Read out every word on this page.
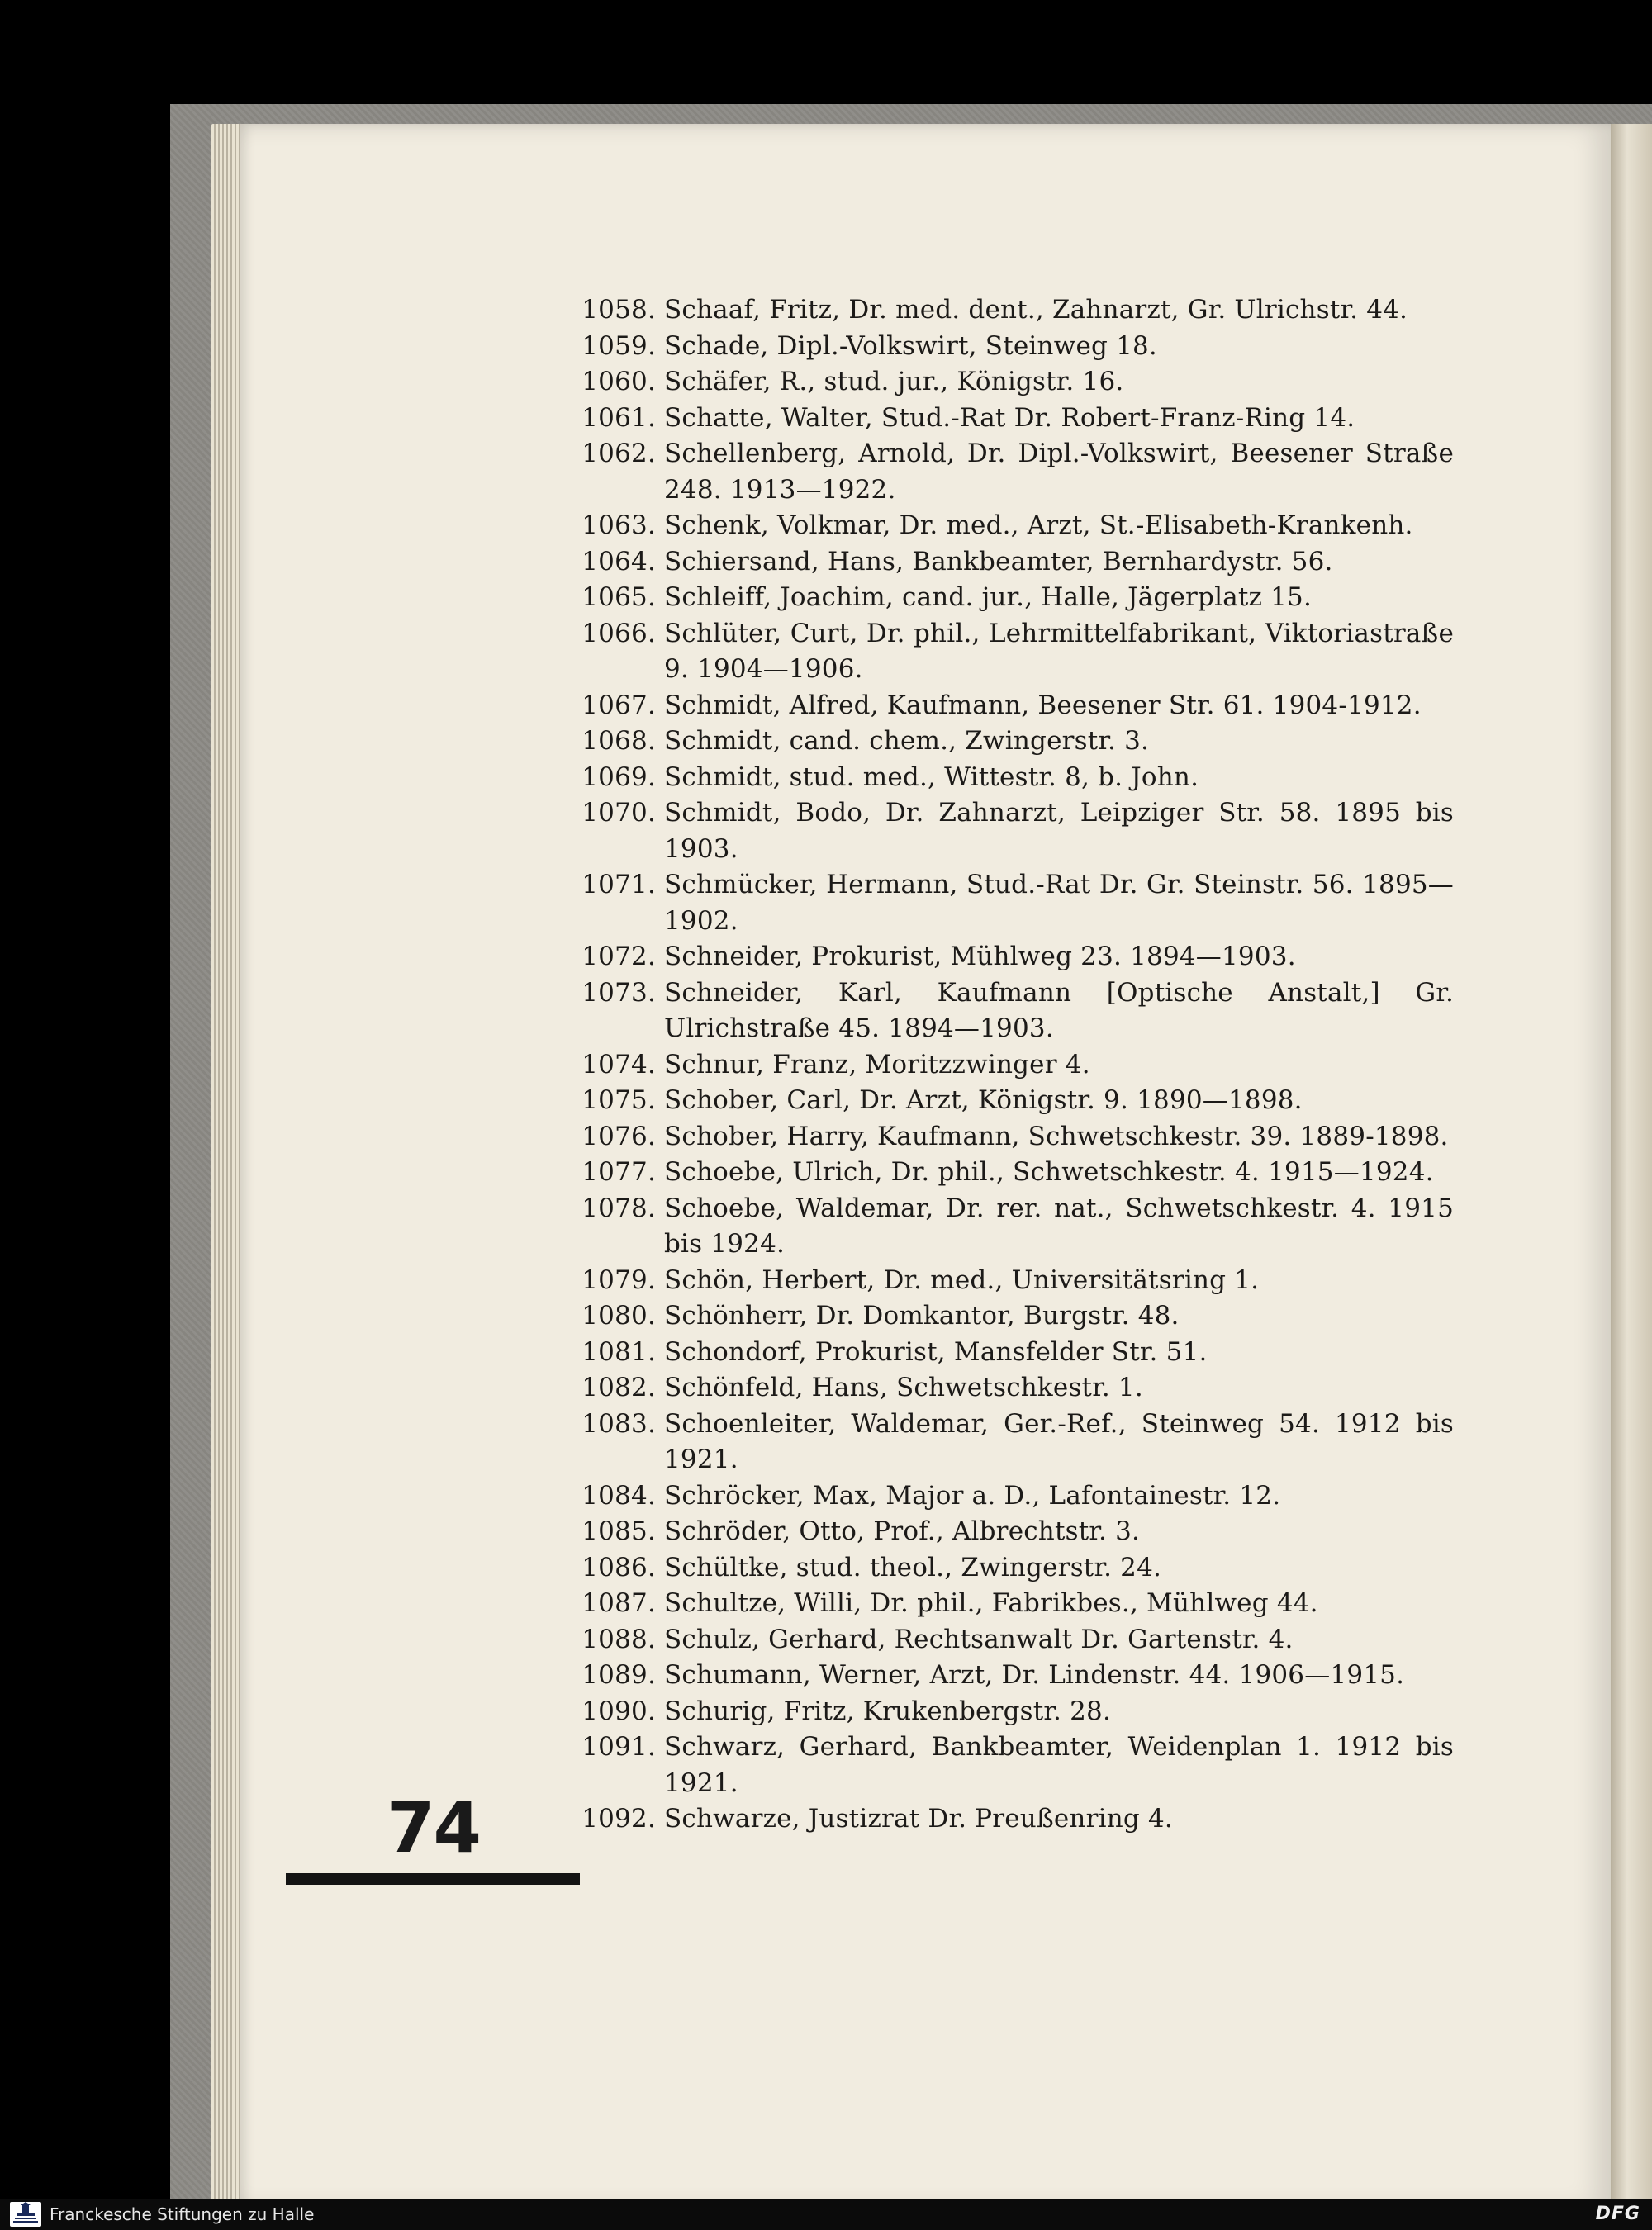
1058. Schaaf, Fritz, Dr. med. dent., Zahnarzt, Gr. Ulrichstr. 44.
1059. Schade, Dipl.-Volkswirt, Steinweg 18.
1060. Schäfer, R., stud. jur., Königstr. 16.
1061. Schatte, Walter, Stud.-Rat Dr. Robert-Franz-Ring 14.
1062. Schellenberg, Arnold, Dr. Dipl.-Volkswirt, Beesener Straße 248. 1913—1922.
1063. Schenk, Volkmar, Dr. med., Arzt, St.-Elisabeth-Krankenh.
1064. Schiersand, Hans, Bankbeamter, Bernhardystr. 56.
1065. Schleiff, Joachim, cand. jur., Halle, Jägerplatz 15.
1066. Schlüter, Curt, Dr. phil., Lehrmittelfabrikant, Viktoriastraße 9. 1904—1906.
1067. Schmidt, Alfred, Kaufmann, Beesener Str. 61. 1904-1912.
1068. Schmidt, cand. chem., Zwingerstr. 3.
1069. Schmidt, stud. med., Wittestr. 8, b. John.
1070. Schmidt, Bodo, Dr. Zahnarzt, Leipziger Str. 58. 1895 bis 1903.
1071. Schmücker, Hermann, Stud.-Rat Dr. Gr. Steinstr. 56. 1895—1902.
1072. Schneider, Prokurist, Mühlweg 23. 1894—1903.
1073. Schneider, Karl, Kaufmann [Optische Anstalt,] Gr. Ulrichstraße 45. 1894—1903.
1074. Schnur, Franz, Moritzzwinger 4.
1075. Schober, Carl, Dr. Arzt, Königstr. 9. 1890—1898.
1076. Schober, Harry, Kaufmann, Schwetschkestr. 39. 1889-1898.
1077. Schoebe, Ulrich, Dr. phil., Schwetschkestr. 4. 1915—1924.
1078. Schoebe, Waldemar, Dr. rer. nat., Schwetschkestr. 4. 1915 bis 1924.
1079. Schön, Herbert, Dr. med., Universitätsring 1.
1080. Schönherr, Dr. Domkantor, Burgstr. 48.
1081. Schondorf, Prokurist, Mansfelder Str. 51.
1082. Schönfeld, Hans, Schwetschkestr. 1.
1083. Schoenleiter, Waldemar, Ger.-Ref., Steinweg 54. 1912 bis 1921.
1084. Schröcker, Max, Major a. D., Lafontainestr. 12.
1085. Schröder, Otto, Prof., Albrechtstr. 3.
1086. Schültke, stud. theol., Zwingerstr. 24.
1087. Schultze, Willi, Dr. phil., Fabrikbes., Mühlweg 44.
1088. Schulz, Gerhard, Rechtsanwalt Dr. Gartenstr. 4.
1089. Schumann, Werner, Arzt, Dr. Lindenstr. 44. 1906—1915.
1090. Schurig, Fritz, Krukenbergstr. 28.
1091. Schwarz, Gerhard, Bankbeamter, Weidenplan 1. 1912 bis 1921.
1092. Schwarze, Justizrat Dr. Preußenring 4.
74
Franckesche Stiftungen zu Halle	DFG
